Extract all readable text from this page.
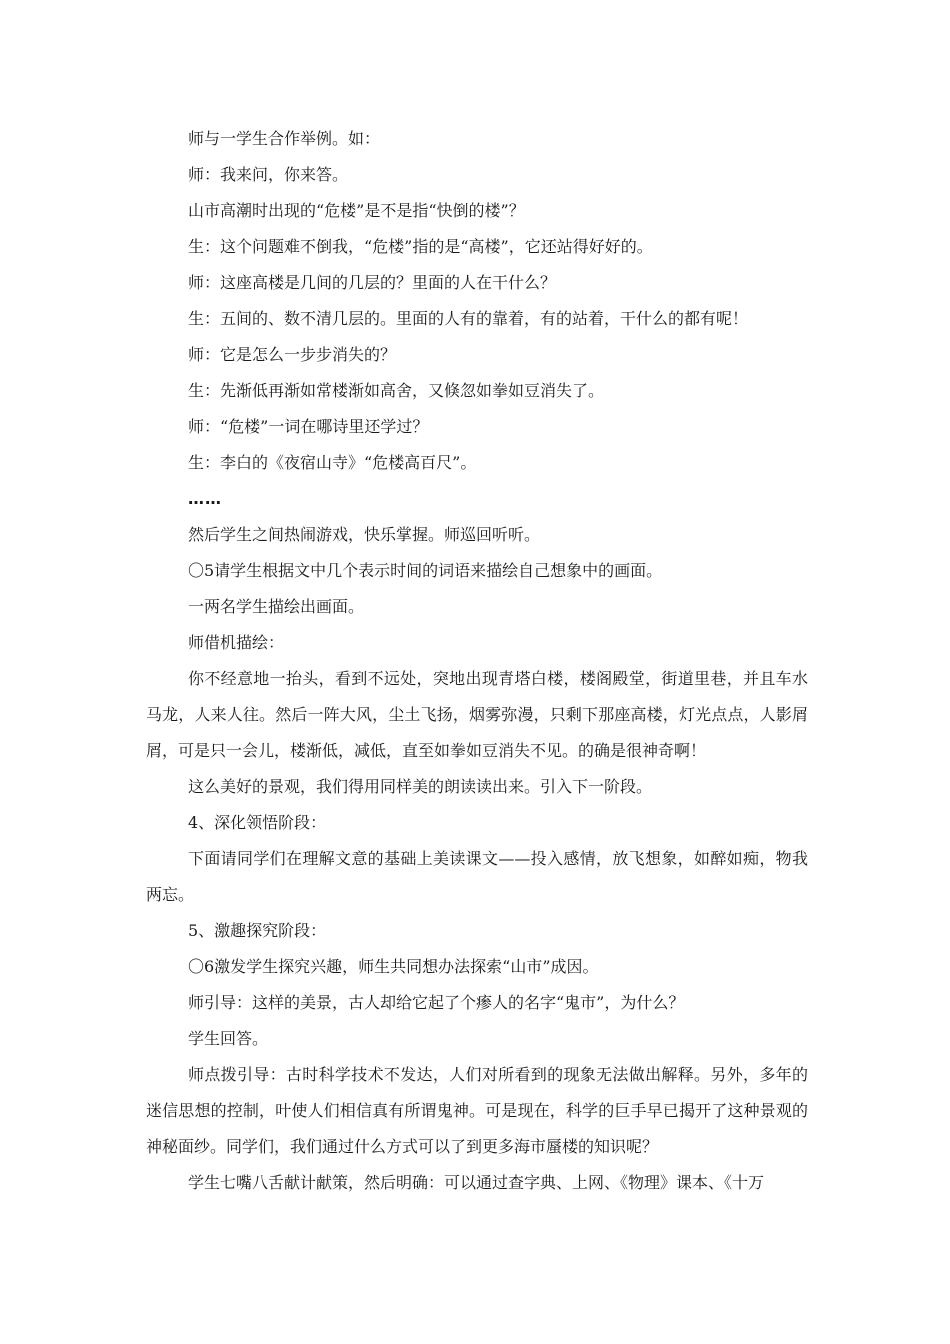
师与一学生合作举例。如：

师：我来问，你来答。

山市高潮时出现的“危楼”是不是指“快倒的楼”？

生：这个问题难不倒我，“危楼”指的是“高楼”，它还站得好好的。

师：这座高楼是几间的几层的？里面的人在干什么？

生：五间的、数不清几层的。里面的人有的靠着，有的站着，干什么的都有呢！

师：它是怎么一步步消失的？

生：先渐低再渐如常楼渐如高舍，又倏忽如拳如豆消失了。

师：“危楼”一词在哪诗里还学过？

生：李白的《夜宿山寺》“危楼高百尺”。

……

然后学生之间热闹游戏，快乐掌握。师巡回听听。

〇5请学生根据文中几个表示时间的词语来描绘自己想象中的画面。

一两名学生描绘出画面。

师借机描绘：

你不经意地一抬头，看到不远处，突地出现青塔白楼，楼阁殿堂，街道里巷，并且车水马龙，人来人往。然后一阵大风，尘土飞扬，烟雾弥漫，只剩下那座高楼，灯光点点，人影屑屑，可是只一会儿，楼渐低，减低，直至如拳如豆消失不见。的确是很神奇啊！

这么美好的景观，我们得用同样美的朗读读出来。引入下一阶段。

4、深化领悟阶段：

下面请同学们在理解文意的基础上美读课文——投入感情，放飞想象，如醉如痴，物我两忘。

5、激趣探究阶段：

〇6激发学生探究兴趣，师生共同想办法探索“山市”成因。

师引导：这样的美景，古人却给它起了个瘆人的名字“鬼市”，为什么？

学生回答。

师点拨引导：古时科学技术不发达，人们对所看到的现象无法做出解释。另外，多年的迷信思想的控制，叶使人们相信真有所谓鬼神。可是现在，科学的巨手早已揭开了这种景观的神秘面纱。同学们，我们通过什么方式可以了到更多海市蜃楼的知识呢？

学生七嘴八舌献计献策，然后明确：可以通过查字典、上网、《物理》课本、《十万
